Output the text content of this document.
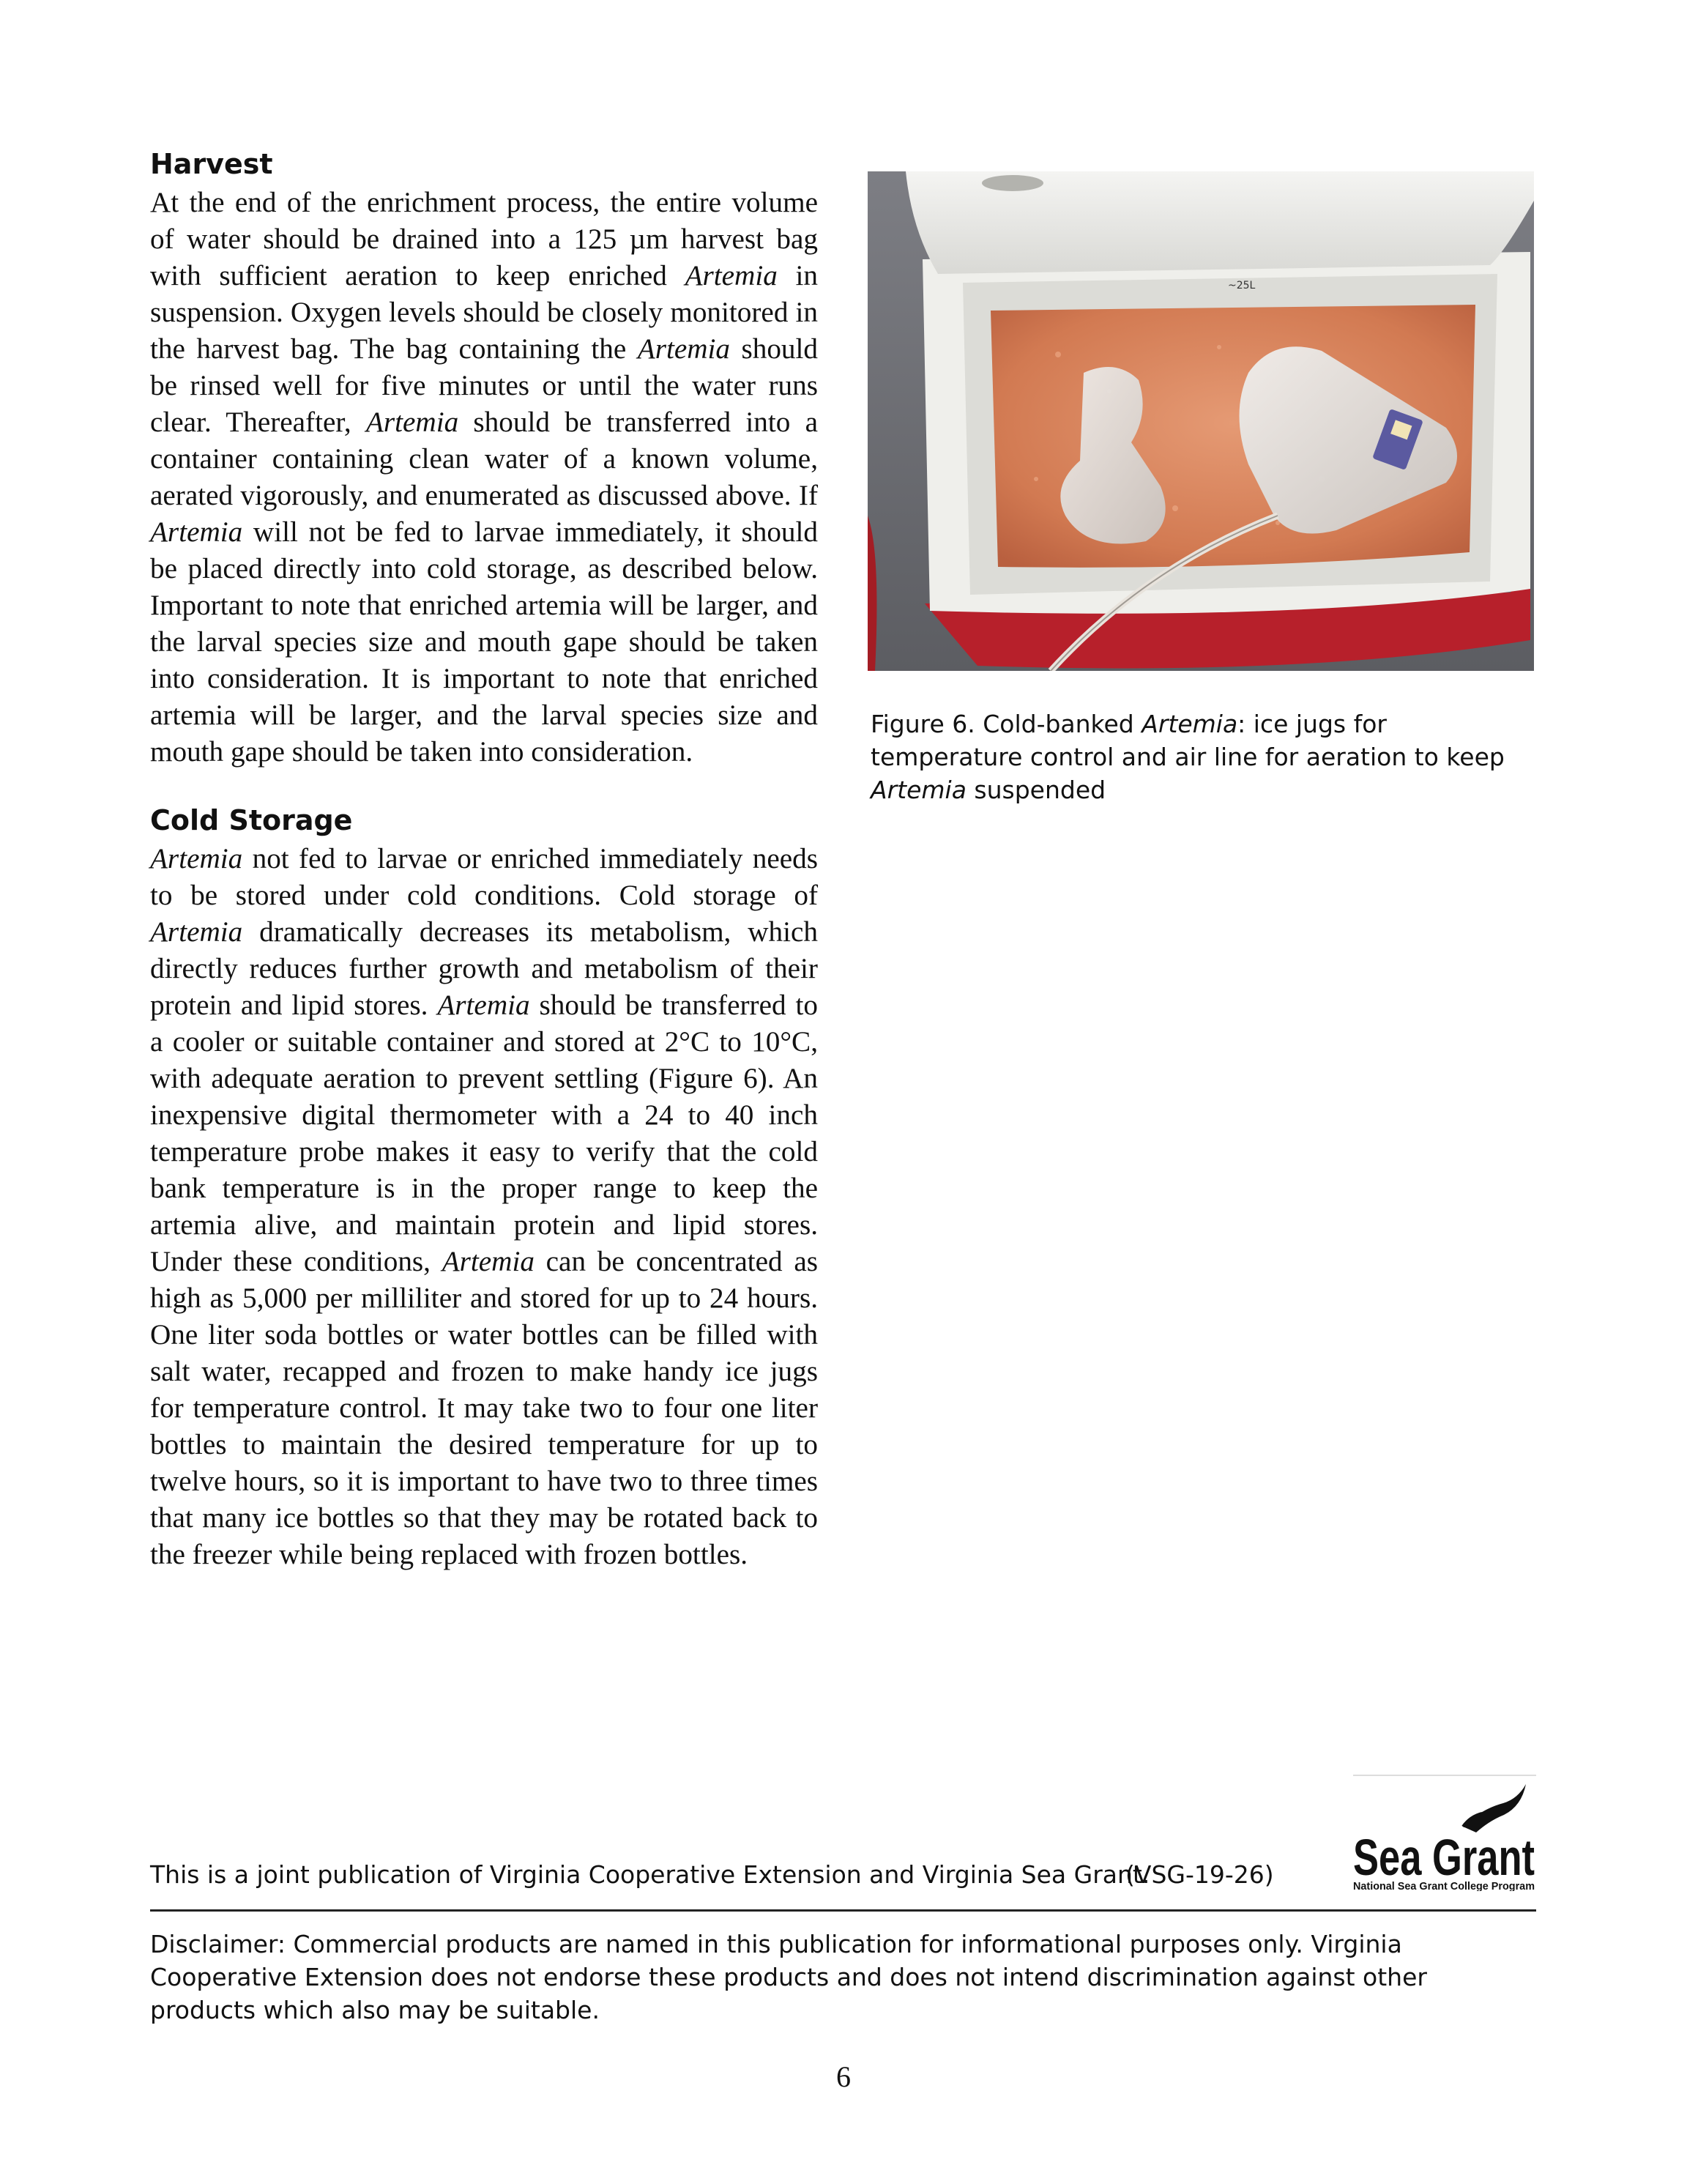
Harvest

At the end of the enrichment process, the entire volume of water should be drained into a 125 µm harvest bag with sufficient aeration to keep enriched Artemia in suspension. Oxygen levels should be closely monitored in the harvest bag. The bag containing the Artemia should be rinsed well for five minutes or until the water runs clear. Thereafter, Artemia should be transferred into a container containing clean water of a known volume, aerated vigorously, and enumerated as discussed above. If Artemia will not be fed to larvae immediately, it should be placed directly into cold storage, as described below. Important to note that enriched artemia will be larger, and the larval species size and mouth gape should be taken into consideration. It is important to note that enriched artemia will be larger, and the larval species size and mouth gape should be taken into consideration.

Cold Storage

Artemia not fed to larvae or enriched immediately needs to be stored under cold conditions. Cold storage of Artemia dramatically decreases its metabolism, which directly reduces further growth and metabolism of their protein and lipid stores. Artemia should be transferred to a cooler or suitable container and stored at 2°C to 10°C, with adequate aeration to prevent settling (Figure 6). An inexpensive digital thermometer with a 24 to 40 inch temperature probe makes it easy to verify that the cold bank temperature is in the proper range to keep the artemia alive, and maintain protein and lipid stores. Under these conditions, Artemia can be concentrated as high as 5,000 per milliliter and stored for up to 24 hours. One liter soda bottles or water bottles can be filled with salt water, recapped and frozen to make handy ice jugs for temperature control. It may take two to four one liter bottles to maintain the desired temperature for up to twelve hours, so it is important to have two to three times that many ice bottles so that they may be rotated back to the freezer while being replaced with frozen bottles.

~25L

Figure 6. Cold-banked Artemia: ice jugs for temperature control and air line for aeration to keep Artemia suspended

This is a joint publication of Virginia Cooperative Extension and Virginia Sea Grant.
(VSG-19-26) Sea Grant
National Sea Grant College Program

Disclaimer: Commercial products are named in this publication for informational purposes only. Virginia Cooperative Extension does not endorse these products and does not intend discrimination against other products which also may be suitable.

6
